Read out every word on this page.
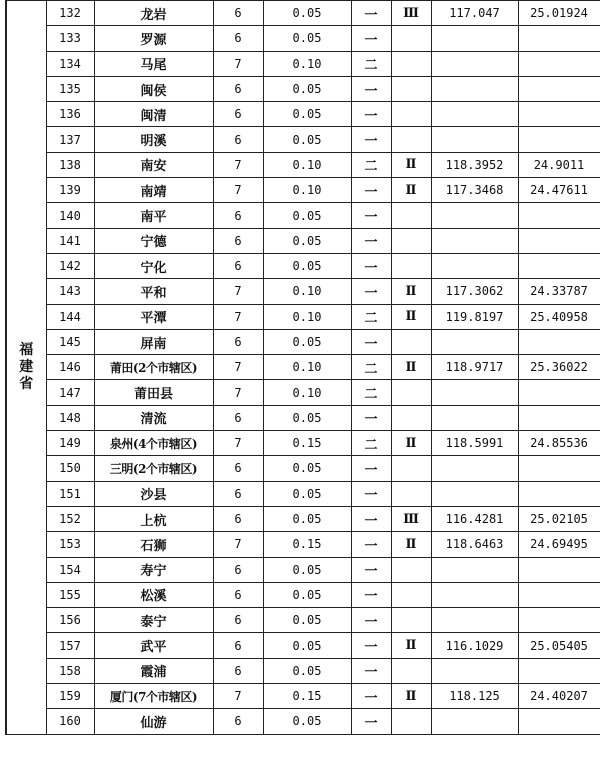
福
建
省	132	龙岩	6	0.05	一	Ⅲ	117.047	25.01924
	133	罗源	6	0.05	一			
	134	马尾	7	0.10	二			
	135	闽侯	6	0.05	一			
	136	闽清	6	0.05	一			
	137	明溪	6	0.05	一			
	138	南安	7	0.10	二	Ⅱ	118.3952	24.9011
	139	南靖	7	0.10	一	Ⅱ	117.3468	24.47611
	140	南平	6	0.05	一			
	141	宁德	6	0.05	一			
	142	宁化	6	0.05	一			
	143	平和	7	0.10	一	Ⅱ	117.3062	24.33787
	144	平潭	7	0.10	二	Ⅱ	119.8197	25.40958
	145	屏南	6	0.05	一			
	146	莆田(2个市辖区)	7	0.10	二	Ⅱ	118.9717	25.36022
	147	莆田县	7	0.10	二			
	148	清流	6	0.05	一			
	149	泉州(4个市辖区)	7	0.15	二	Ⅱ	118.5991	24.85536
	150	三明(2个市辖区)	6	0.05	一			
	151	沙县	6	0.05	一			
	152	上杭	6	0.05	一	Ⅲ	116.4281	25.02105
	153	石狮	7	0.15	一	Ⅱ	118.6463	24.69495
	154	寿宁	6	0.05	一			
	155	松溪	6	0.05	一			
	156	泰宁	6	0.05	一			
	157	武平	6	0.05	一	Ⅱ	116.1029	25.05405
	158	霞浦	6	0.05	一			
	159	厦门(7个市辖区)	7	0.15	一	Ⅱ	118.125	24.40207
	160	仙游	6	0.05	一			
